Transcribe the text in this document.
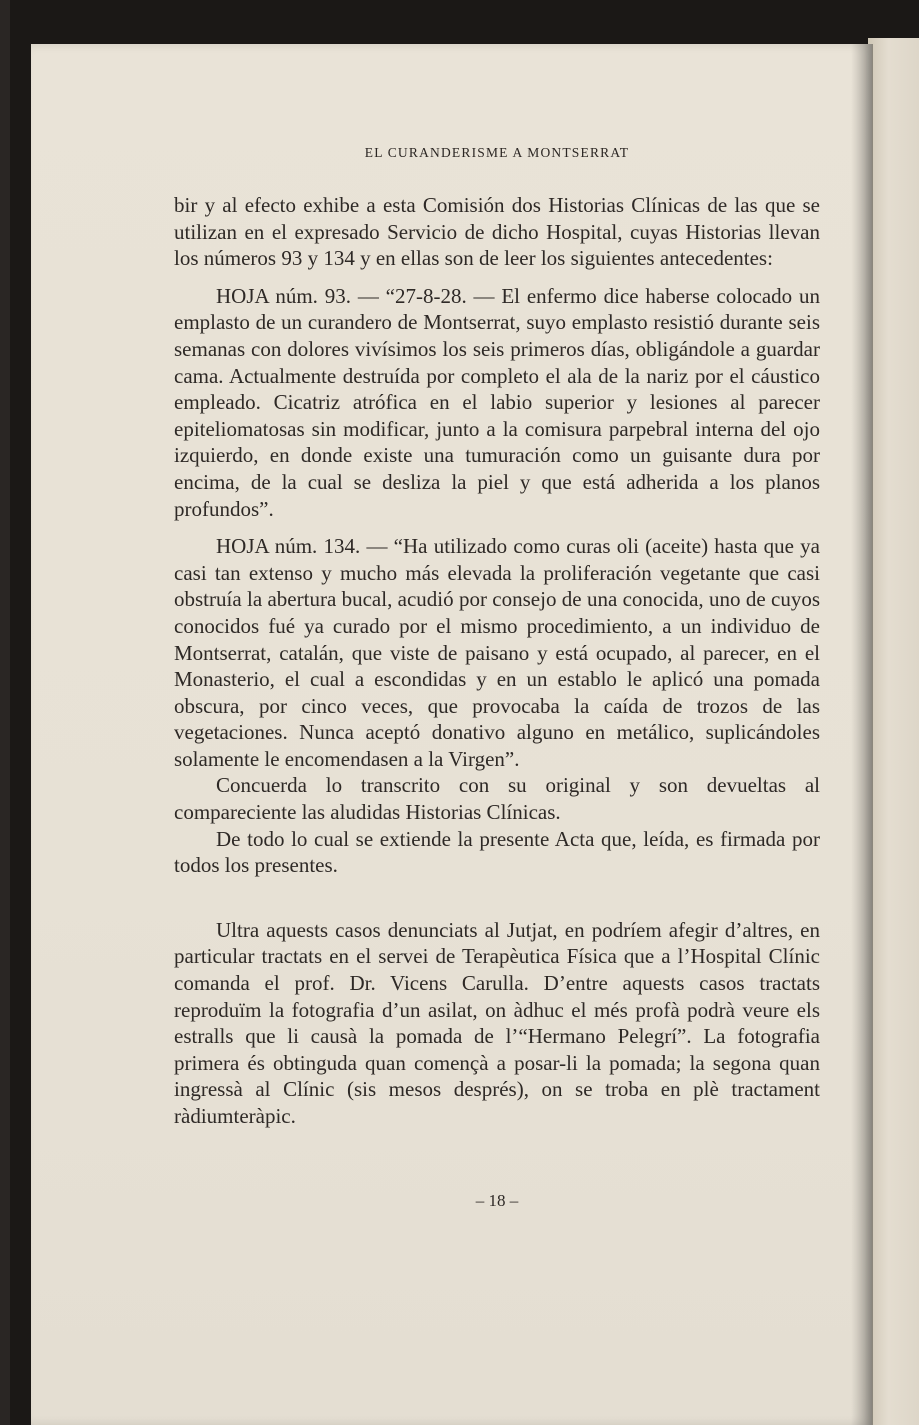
EL CURANDERISME A MONTSERRAT

bir y al efecto exhibe a esta Comisión dos Historias Clínicas de las que se utilizan en el expresado Servicio de dicho Hospital, cuyas Historias llevan los números 93 y 134 y en ellas son de leer los siguientes antecedentes:

HOJA núm. 93. — “27-8-28. — El enfermo dice haberse colocado un emplasto de un curandero de Montserrat, suyo emplasto resistió durante seis semanas con dolores vivísimos los seis primeros días, obligándole a guardar cama. Actualmente destruída por completo el ala de la nariz por el cáustico empleado. Cicatriz atrófica en el labio superior y lesiones al parecer epiteliomatosas sin modificar, junto a la comisura parpebral interna del ojo izquierdo, en donde existe una tumuración como un guisante dura por encima, de la cual se desliza la piel y que está adherida a los planos profundos”.

HOJA núm. 134. — “Ha utilizado como curas oli (aceite) hasta que ya casi tan extenso y mucho más elevada la proliferación vegetante que casi obstruía la abertura bucal, acudió por consejo de una conocida, uno de cuyos conocidos fué ya curado por el mismo procedimiento, a un individuo de Montserrat, catalán, que viste de paisano y está ocupado, al parecer, en el Monasterio, el cual a escondidas y en un establo le aplicó una pomada obscura, por cinco veces, que provocaba la caída de trozos de las vegetaciones. Nunca aceptó donativo alguno en metálico, suplicándoles solamente le encomendasen a la Virgen”.

Concuerda lo transcrito con su original y son devueltas al compareciente las aludidas Historias Clínicas.

De todo lo cual se extiende la presente Acta que, leída, es firmada por todos los presentes.

Ultra aquests casos denunciats al Jutjat, en podríem afegir d’altres, en particular tractats en el servei de Terapèutica Física que a l’Hospital Clínic comanda el prof. Dr. Vicens Carulla. D’entre aquests casos tractats reproduïm la fotografia d’un asilat, on àdhuc el més profà podrà veure els estralls que li causà la pomada de l’“Hermano Pelegrí”. La fotografia primera és obtinguda quan començà a posar-li la pomada; la segona quan ingressà al Clínic (sis mesos després), on se troba en plè tractament ràdiumteràpic.

– 18 –
